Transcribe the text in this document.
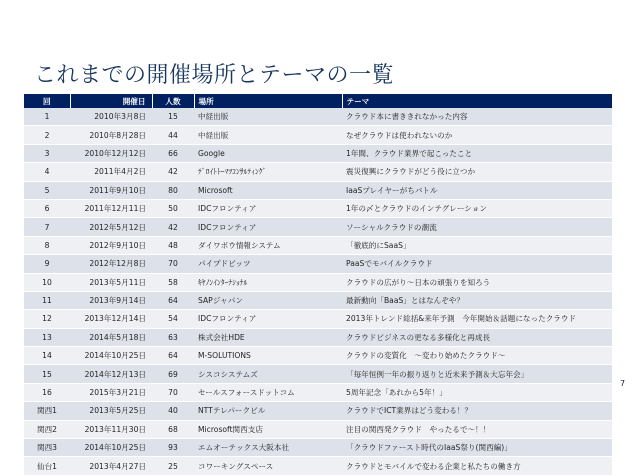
これまでの開催場所とテーマの一覧
回	開催日	人数	場所	テーマ
1	2010年3月8日	15	中経出版	クラウド本に書ききれなかった内容
2	2010年8月28日	44	中経出版	なぜクラウドは使われないのか
3	2010年12月12日	66	Google	1年間、クラウド業界で起こったこと
4	2011年4月2日	42	ﾃﾞﾛｲﾄﾄｰﾏﾂｺﾝｻﾙﾃｨﾝｸﾞ	震災復興にクラウドがどう役に立つか
5	2011年9月10日	80	Microsoft	IaaSプレイヤーがちバトル
6	2011年12月11日	50	IDCフロンティア	1年の〆とクラウドのインテグレーション
7	2012年5月12日	42	IDCフロンティア	ソーシャルクラウドの潮流
8	2012年9月10日	48	ダイワボウ情報システム	「徹底的にSaaS」
9	2012年12月8日	70	パイプドビッツ	PaaSでモバイルクラウド
10	2013年5月11日	58	ｷﾔﾉﾝｲﾝﾀｰﾅｼｮﾅﾙ	クラウドの広がり～日本の頑張りを知ろう
11	2013年9月14日	64	SAPジャパン	最新動向「BaaS」とはなんぞや？
12	2013年12月14日	54	IDCフロンティア	2013年トレンド総括&来年予測　今年開始＆話題になったクラウド
13	2014年5月18日	63	株式会社HDE	クラウドビジネスの更なる多様化と再成長
14	2014年10月25日	64	M-SOLUTIONS	クラウドの変質化　～変わり始めたクラウド～
15	2014年12月13日	69	シスコシステムズ	「毎年恒例一年の振り返りと近未来予測＆大忘年会」
16	2015年3月21日	70	セールスフォースドットコム	5周年記念「あれから5年！」
関西1	2013年5月25日	40	NTTテレパークビル	クラウドでICT業界はどう変わる！？
関西2	2013年11月30日	68	Microsoft関西支店	注目の関西発クラウド　やったるで～！！
関西3	2014年10月25日	93	エムオーテックス大阪本社	「クラウドファースト時代のIaaS祭り(関西編)」
仙台1	2013年4月27日	25	コワーキングスペース	クラウドとモバイルで変わる企業と私たちの働き方
7
